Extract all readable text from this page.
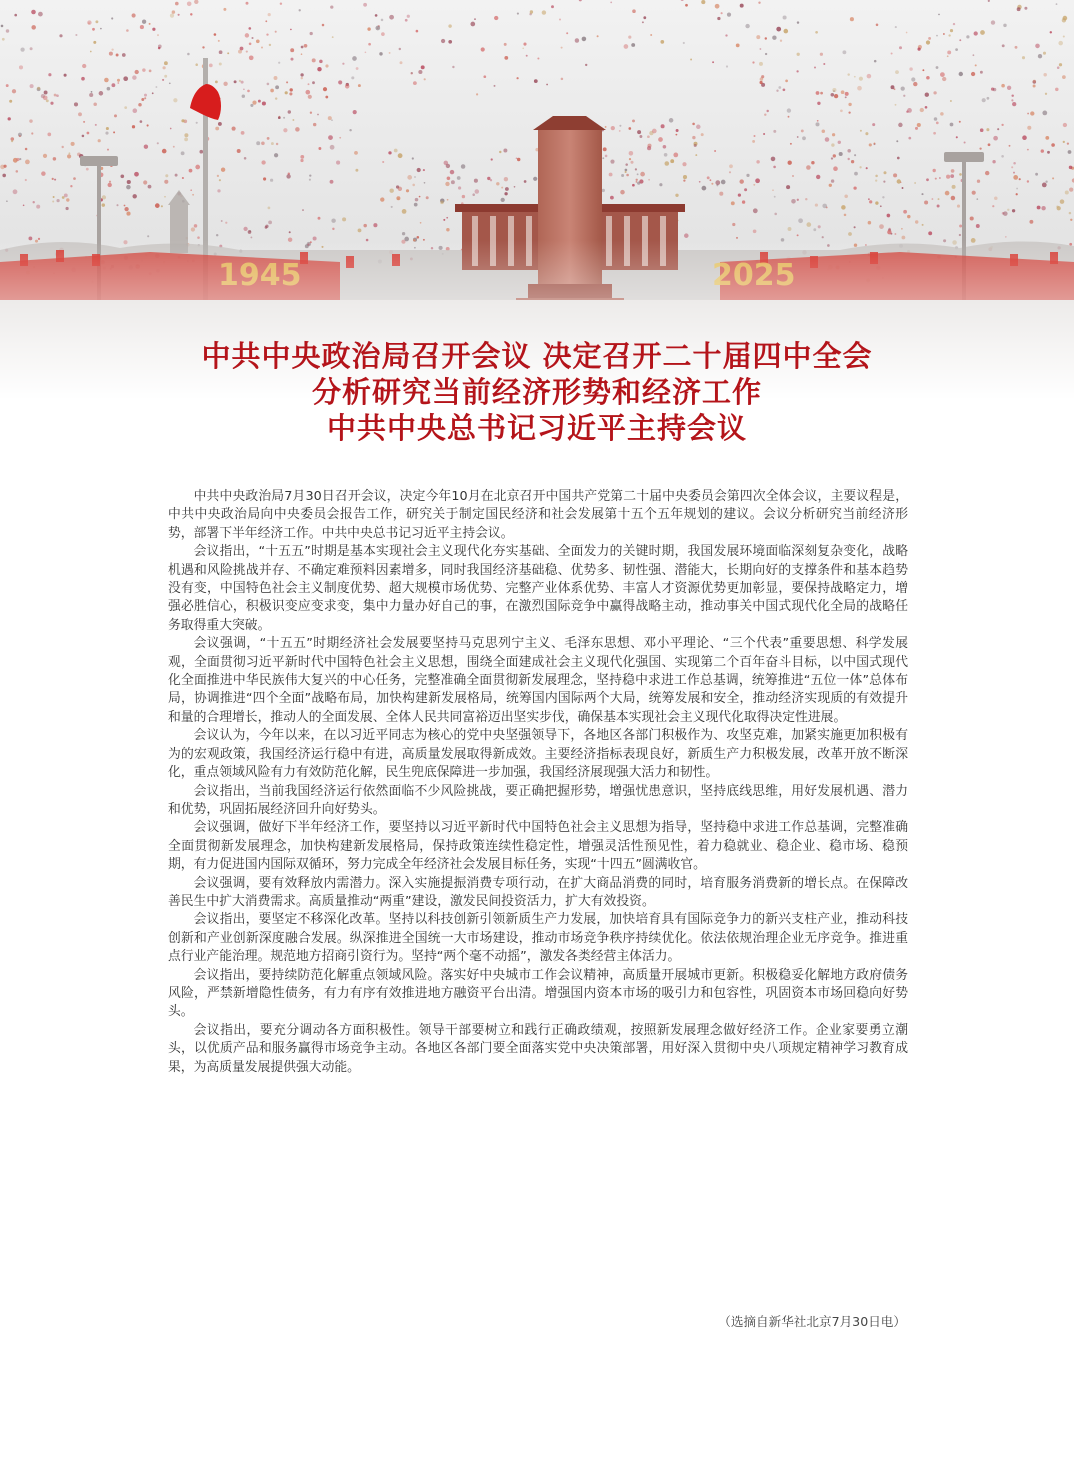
中共中央政治局召开会议 决定召开二十届四中全会
分析研究当前经济形势和经济工作
中共中央总书记习近平主持会议

中共中央政治局7月30日召开会议，决定今年10月在北京召开中国共产党第二十届中央委员会第四次全体会议，主要议程是，中共中央政治局向中央委员会报告工作，研究关于制定国民经济和社会发展第十五个五年规划的建议。会议分析研究当前经济形势，部署下半年经济工作。中共中央总书记习近平主持会议。

会议指出，“十五五”时期是基本实现社会主义现代化夯实基础、全面发力的关键时期，我国发展环境面临深刻复杂变化，战略机遇和风险挑战并存、不确定难预料因素增多，同时我国经济基础稳、优势多、韧性强、潜能大，长期向好的支撑条件和基本趋势没有变，中国特色社会主义制度优势、超大规模市场优势、完整产业体系优势、丰富人才资源优势更加彰显，要保持战略定力，增强必胜信心，积极识变应变求变，集中力量办好自己的事，在激烈国际竞争中赢得战略主动，推动事关中国式现代化全局的战略任务取得重大突破。

会议强调，“十五五”时期经济社会发展要坚持马克思列宁主义、毛泽东思想、邓小平理论、“三个代表”重要思想、科学发展观，全面贯彻习近平新时代中国特色社会主义思想，围绕全面建成社会主义现代化强国、实现第二个百年奋斗目标，以中国式现代化全面推进中华民族伟大复兴的中心任务，完整准确全面贯彻新发展理念，坚持稳中求进工作总基调，统筹推进“五位一体”总体布局，协调推进“四个全面”战略布局，加快构建新发展格局，统筹国内国际两个大局，统筹发展和安全，推动经济实现质的有效提升和量的合理增长，推动人的全面发展、全体人民共同富裕迈出坚实步伐，确保基本实现社会主义现代化取得决定性进展。

会议认为，今年以来，在以习近平同志为核心的党中央坚强领导下，各地区各部门积极作为、攻坚克难，加紧实施更加积极有为的宏观政策，我国经济运行稳中有进，高质量发展取得新成效。主要经济指标表现良好，新质生产力积极发展，改革开放不断深化，重点领域风险有力有效防范化解，民生兜底保障进一步加强，我国经济展现强大活力和韧性。

会议指出，当前我国经济运行依然面临不少风险挑战，要正确把握形势，增强忧患意识，坚持底线思维，用好发展机遇、潜力和优势，巩固拓展经济回升向好势头。

会议强调，做好下半年经济工作，要坚持以习近平新时代中国特色社会主义思想为指导，坚持稳中求进工作总基调，完整准确全面贯彻新发展理念，加快构建新发展格局，保持政策连续性稳定性，增强灵活性预见性，着力稳就业、稳企业、稳市场、稳预期，有力促进国内国际双循环，努力完成全年经济社会发展目标任务，实现“十四五”圆满收官。

会议强调，要有效释放内需潜力。深入实施提振消费专项行动，在扩大商品消费的同时，培育服务消费新的增长点。在保障改善民生中扩大消费需求。高质量推动“两重”建设，激发民间投资活力，扩大有效投资。

会议指出，要坚定不移深化改革。坚持以科技创新引领新质生产力发展，加快培育具有国际竞争力的新兴支柱产业，推动科技创新和产业创新深度融合发展。纵深推进全国统一大市场建设，推动市场竞争秩序持续优化。依法依规治理企业无序竞争。推进重点行业产能治理。规范地方招商引资行为。坚持“两个毫不动摇”，激发各类经营主体活力。

会议指出，要持续防范化解重点领域风险。落实好中央城市工作会议精神，高质量开展城市更新。积极稳妥化解地方政府债务风险，严禁新增隐性债务，有力有序有效推进地方融资平台出清。增强国内资本市场的吸引力和包容性，巩固资本市场回稳向好势头。

会议指出，要充分调动各方面积极性。领导干部要树立和践行正确政绩观，按照新发展理念做好经济工作。企业家要勇立潮头，以优质产品和服务赢得市场竞争主动。各地区各部门要全面落实党中央决策部署，用好深入贯彻中央八项规定精神学习教育成果，为高质量发展提供强大动能。

（选摘自新华社北京7月30日电）
